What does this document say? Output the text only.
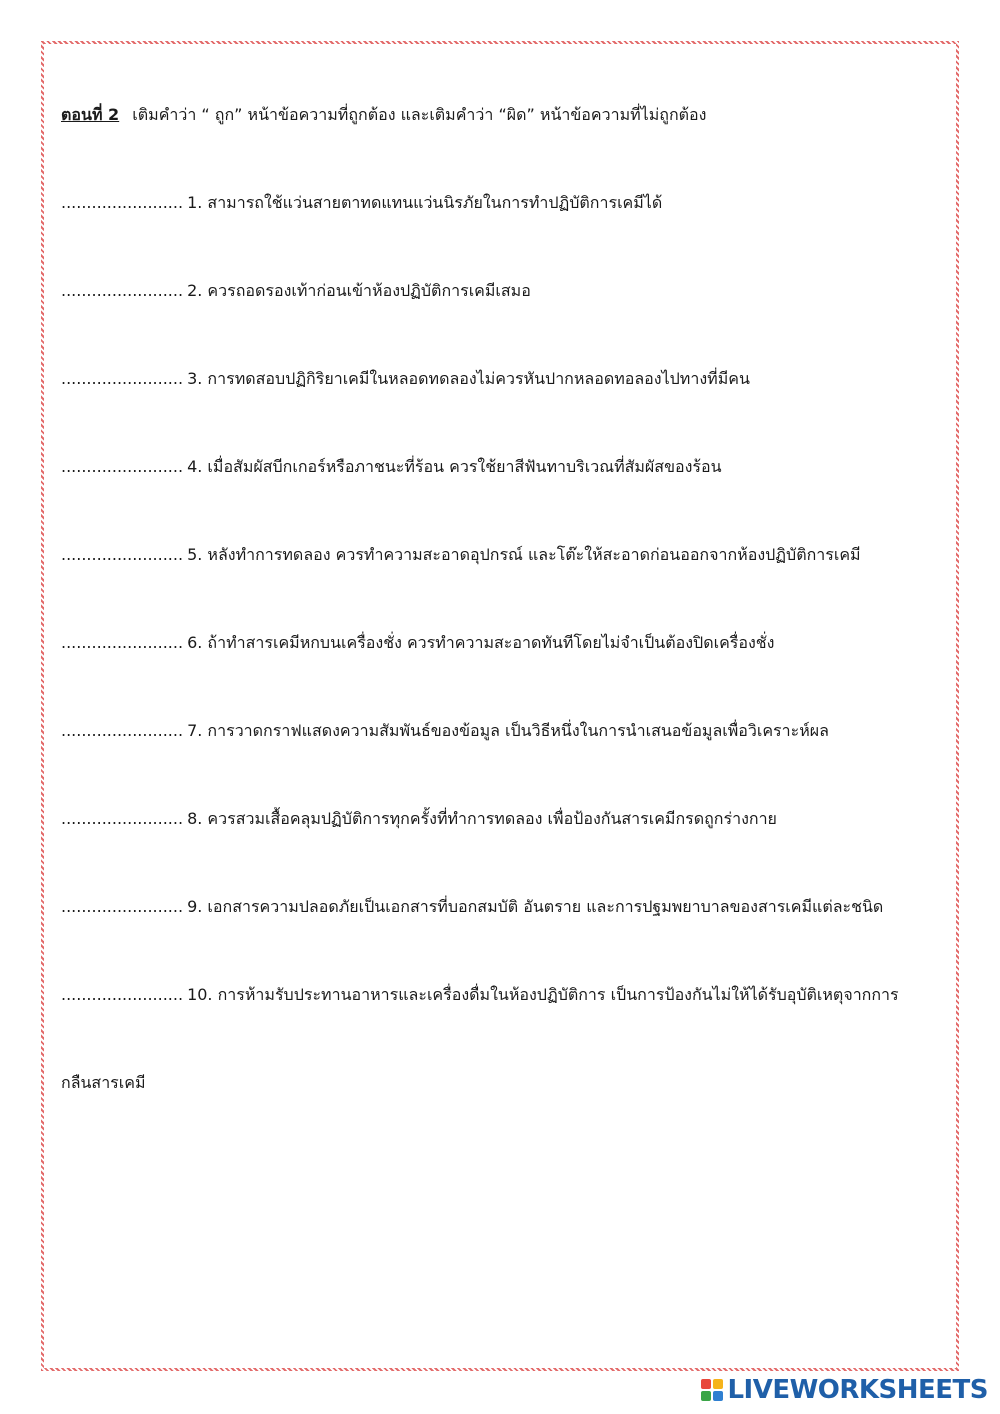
ตอนที่ 2 เติมคำว่า “ ถูก” หน้าข้อความที่ถูกต้อง และเติมคำว่า “ผิด” หน้าข้อความที่ไม่ถูกต้อง
........................ 1. สามารถใช้แว่นสายตาทดแทนแว่นนิรภัยในการทำปฏิบัติการเคมีได้
........................ 2. ควรถอดรองเท้าก่อนเข้าห้องปฏิบัติการเคมีเสมอ
........................ 3. การทดสอบปฏิกิริยาเคมีในหลอดทดลองไม่ควรหันปากหลอดทอลองไปทางที่มีคน
........................ 4. เมื่อสัมผัสบีกเกอร์หรือภาชนะที่ร้อน ควรใช้ยาสีฟันทาบริเวณที่สัมผัสของร้อน
........................ 5. หลังทำการทดลอง ควรทำความสะอาดอุปกรณ์ และโต๊ะให้สะอาดก่อนออกจากห้องปฏิบัติการเคมี
........................ 6. ถ้าทำสารเคมีหกบนเครื่องชั่ง ควรทำความสะอาดทันทีโดยไม่จำเป็นต้องปิดเครื่องชั่ง
........................ 7. การวาดกราฟแสดงความสัมพันธ์ของข้อมูล เป็นวิธีหนึ่งในการนำเสนอข้อมูลเพื่อวิเคราะห์ผล
........................ 8. ควรสวมเสื้อคลุมปฏิบัติการทุกครั้งที่ทำการทดลอง เพื่อป้องกันสารเคมีกรดถูกร่างกาย
........................ 9. เอกสารความปลอดภัยเป็นเอกสารที่บอกสมบัติ อันตราย และการปฐมพยาบาลของสารเคมีแต่ละชนิด
........................ 10. การห้ามรับประทานอาหารและเครื่องดื่มในห้องปฏิบัติการ เป็นการป้องกันไม่ให้ได้รับอุบัติเหตุจากการ
กลืนสารเคมี
LIVEWORKSHEETS
